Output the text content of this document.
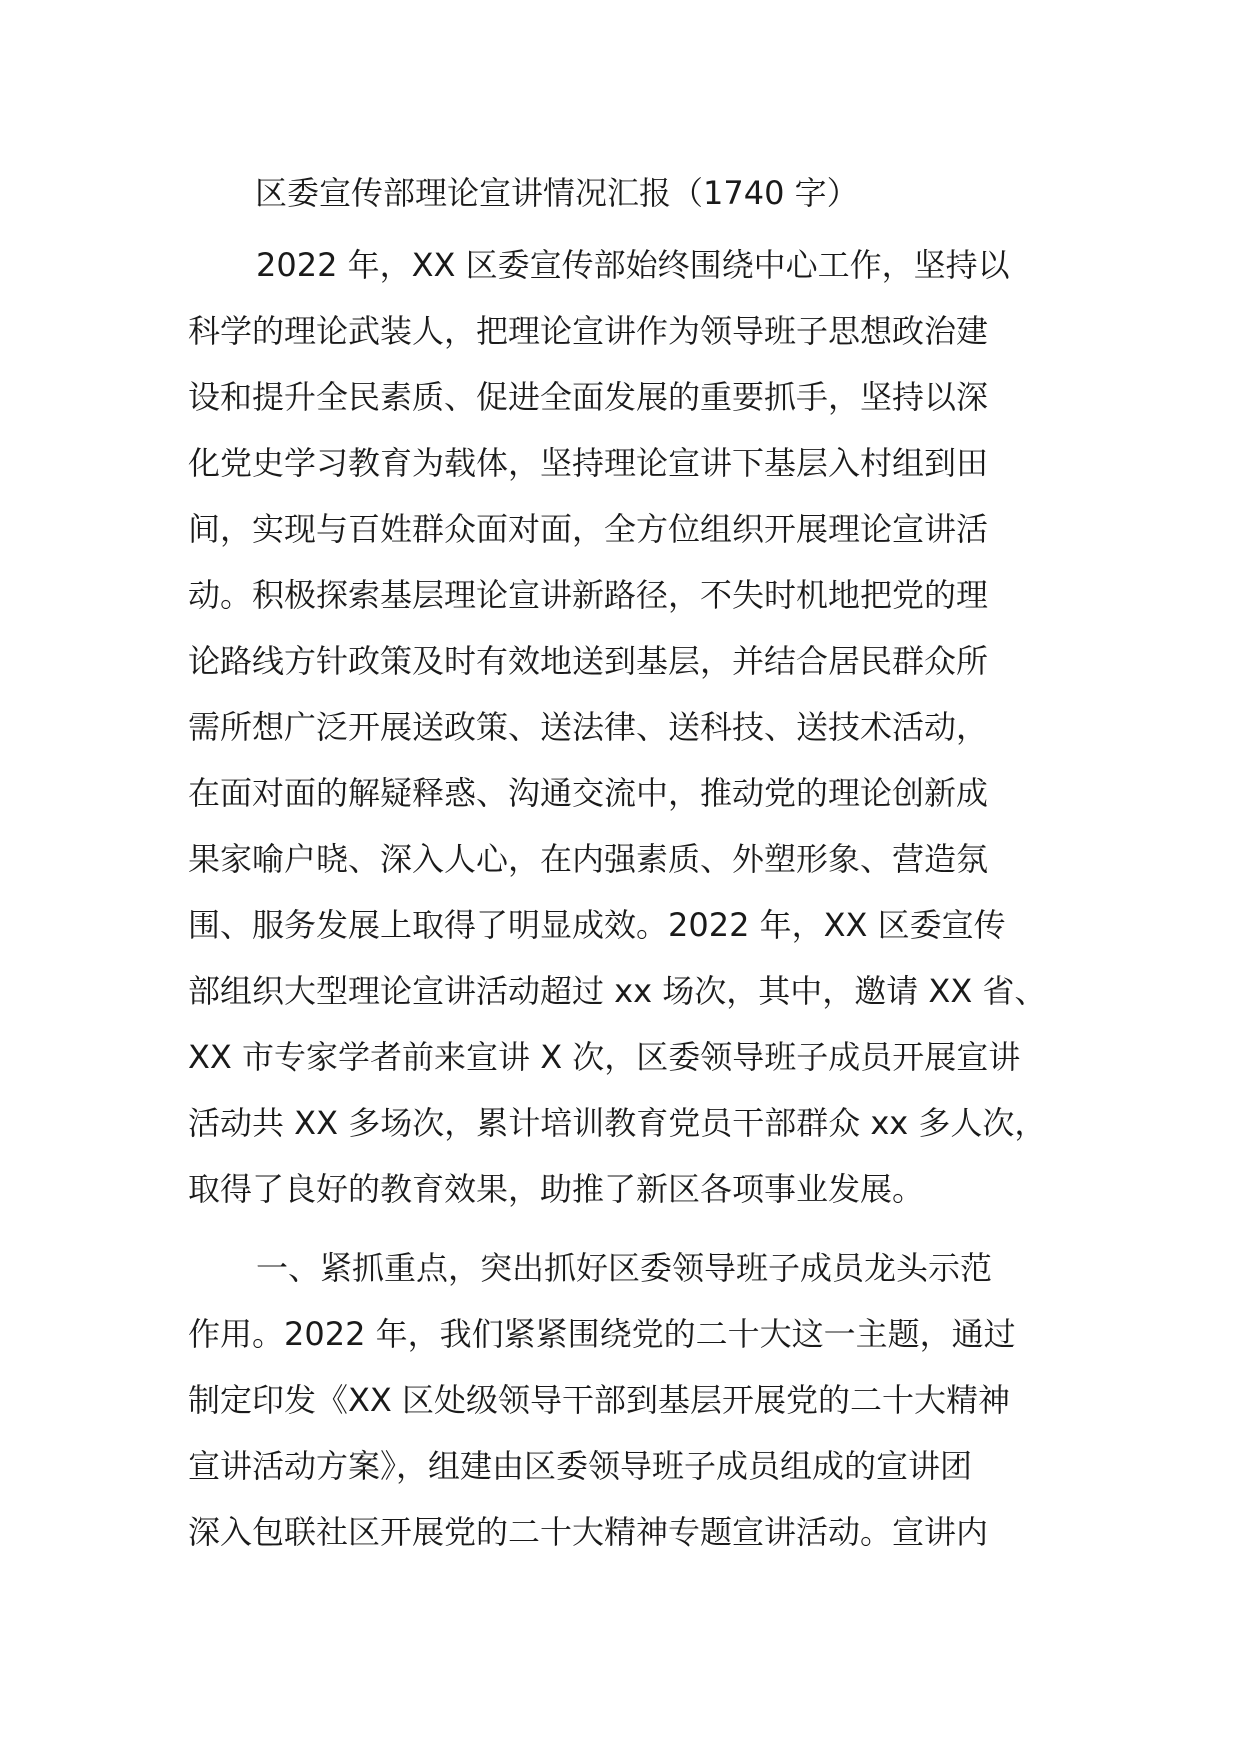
区委宣传部理论宣讲情况汇报（1740 字）
2022 年，XX 区委宣传部始终围绕中心工作，坚持以
科学的理论武装人，把理论宣讲作为领导班子思想政治建
设和提升全民素质、促进全面发展的重要抓手，坚持以深
化党史学习教育为载体，坚持理论宣讲下基层入村组到田
间，实现与百姓群众面对面，全方位组织开展理论宣讲活
动。积极探索基层理论宣讲新路径，不失时机地把党的理
论路线方针政策及时有效地送到基层，并结合居民群众所
需所想广泛开展送政策、送法律、送科技、送技术活动，
在面对面的解疑释惑、沟通交流中，推动党的理论创新成
果家喻户晓、深入人心，在内强素质、外塑形象、营造氛
围、服务发展上取得了明显成效。2022 年，XX 区委宣传
部组织大型理论宣讲活动超过 xx 场次，其中，邀请 XX 省、
XX 市专家学者前来宣讲 X 次，区委领导班子成员开展宣讲
活动共 XX 多场次，累计培训教育党员干部群众 xx 多人次，
取得了良好的教育效果，助推了新区各项事业发展。
一、紧抓重点，突出抓好区委领导班子成员龙头示范
作用。2022 年，我们紧紧围绕党的二十大这一主题，通过
制定印发《XX 区处级领导干部到基层开展党的二十大精神
宣讲活动方案》，组建由区委领导班子成员组成的宣讲团
深入包联社区开展党的二十大精神专题宣讲活动。宣讲内
